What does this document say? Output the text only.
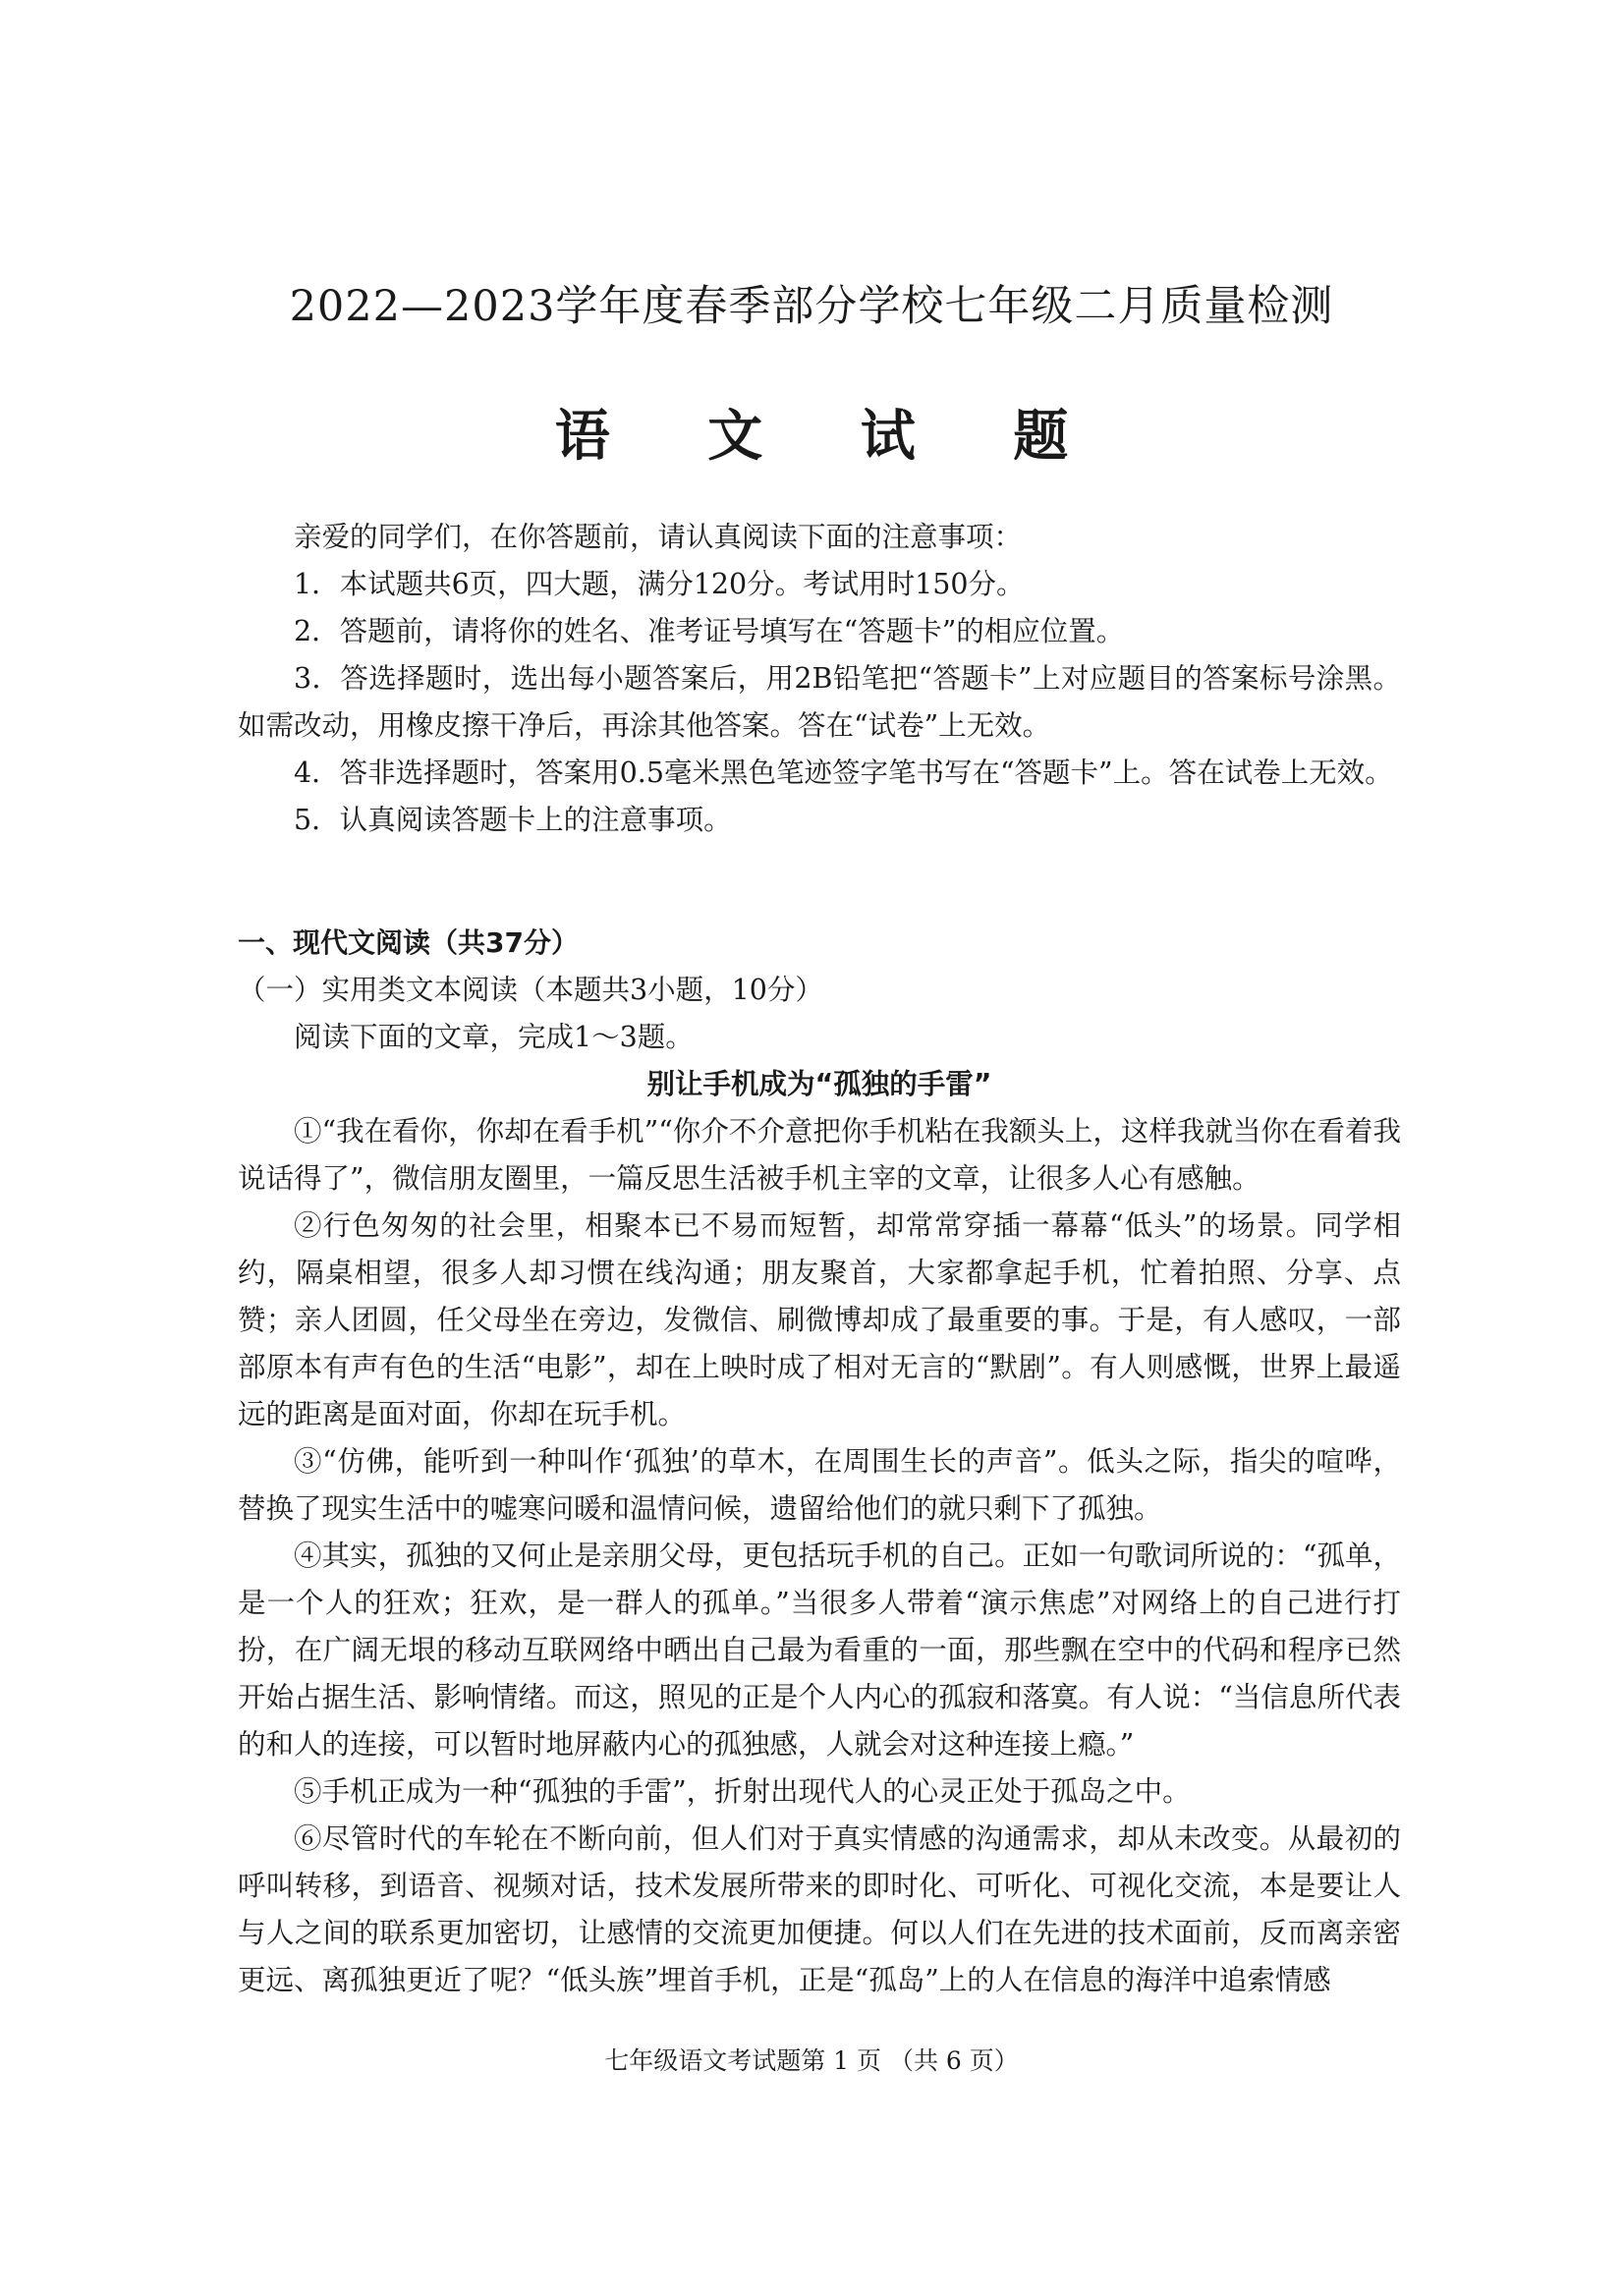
2022—2023学年度春季部分学校七年级二月质量检测
语 文 试 题

亲爱的同学们，在你答题前，请认真阅读下面的注意事项：

1．本试题共6页，四大题，满分120分。考试用时150分。

2．答题前，请将你的姓名、准考证号填写在“答题卡”的相应位置。

3．答选择题时，选出每小题答案后，用2B铅笔把“答题卡”上对应题目的答案标号涂黑。如需改动，用橡皮擦干净后，再涂其他答案。答在“试卷”上无效。

4．答非选择题时，答案用0.5毫米黑色笔迹签字笔书写在“答题卡”上。答在试卷上无效。

5．认真阅读答题卡上的注意事项。

一、现代文阅读（共37分）

（一）实用类文本阅读（本题共3小题，10分）

阅读下面的文章，完成1～3题。

别让手机成为“孤独的手雷”

①“我在看你，你却在看手机”“你介不介意把你手机粘在我额头上，这样我就当你在看着我说话得了”，微信朋友圈里，一篇反思生活被手机主宰的文章，让很多人心有感触。

②行色匆匆的社会里，相聚本已不易而短暂，却常常穿插一幕幕“低头”的场景。同学相约，隔桌相望，很多人却习惯在线沟通；朋友聚首，大家都拿起手机，忙着拍照、分享、点赞；亲人团圆，任父母坐在旁边，发微信、刷微博却成了最重要的事。于是，有人感叹，一部部原本有声有色的生活“电影”，却在上映时成了相对无言的“默剧”。有人则感慨，世界上最遥远的距离是面对面，你却在玩手机。

③“仿佛，能听到一种叫作‘孤独’的草木，在周围生长的声音”。低头之际，指尖的喧哗，替换了现实生活中的嘘寒问暖和温情问候，遗留给他们的就只剩下了孤独。

④其实，孤独的又何止是亲朋父母，更包括玩手机的自己。正如一句歌词所说的：“孤单，是一个人的狂欢；狂欢，是一群人的孤单。”当很多人带着“演示焦虑”对网络上的自己进行打扮，在广阔无垠的移动互联网络中晒出自己最为看重的一面，那些飘在空中的代码和程序已然开始占据生活、影响情绪。而这，照见的正是个人内心的孤寂和落寞。有人说：“当信息所代表的和人的连接，可以暂时地屏蔽内心的孤独感，人就会对这种连接上瘾。”

⑤手机正成为一种“孤独的手雷”，折射出现代人的心灵正处于孤岛之中。

⑥尽管时代的车轮在不断向前，但人们对于真实情感的沟通需求，却从未改变。从最初的呼叫转移，到语音、视频对话，技术发展所带来的即时化、可听化、可视化交流，本是要让人与人之间的联系更加密切，让感情的交流更加便捷。何以人们在先进的技术面前，反而离亲密更远、离孤独更近了呢？“低头族”埋首手机，正是“孤岛”上的人在信息的海洋中追索情感

七年级语文考试题第 1 页 （共 6 页）
